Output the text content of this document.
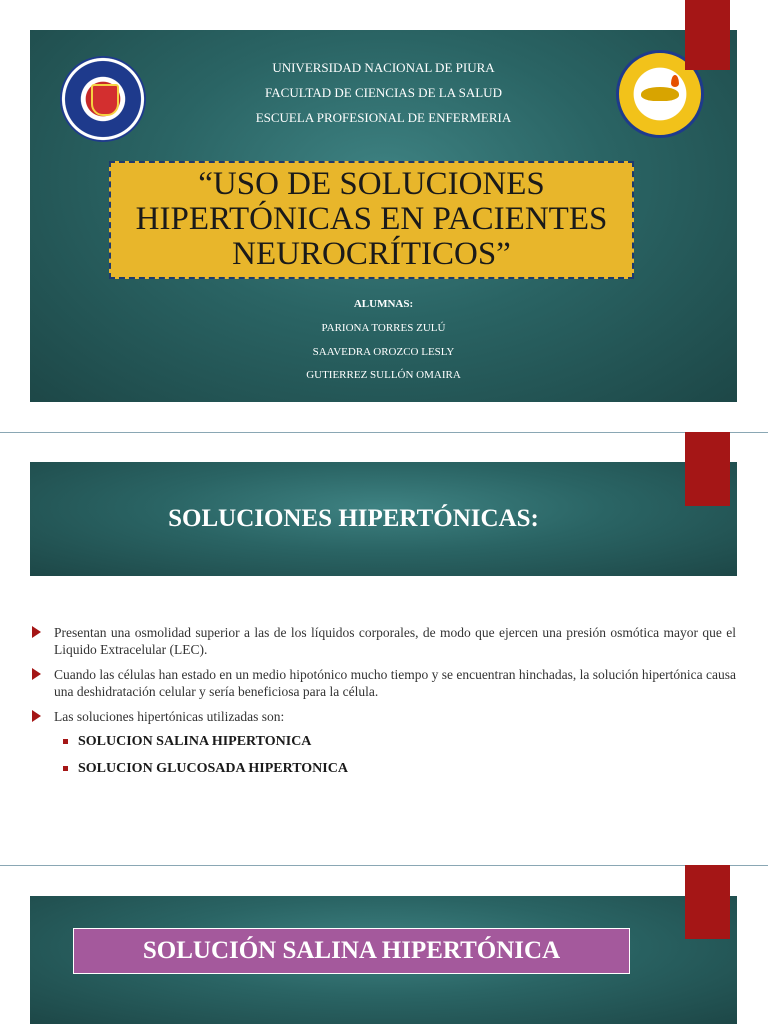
UNIVERSIDAD NACIONAL DE PIURA
FACULTAD DE CIENCIAS DE LA SALUD
ESCUELA PROFESIONAL DE ENFERMERIA
“USO DE SOLUCIONES
HIPERTÓNICAS EN PACIENTES
NEUROCRÍTICOS”
ALUMNAS:
PARIONA TORRES ZULÚ
SAAVEDRA OROZCO LESLY
GUTIERREZ SULLÓN OMAIRA
SOLUCIONES HIPERTÓNICAS:
Presentan una osmolidad superior a las de los líquidos corporales, de modo que ejercen una presión osmótica mayor que el Liquido Extracelular (LEC).
Cuando las células han estado en un medio hipotónico mucho tiempo y se encuentran hinchadas, la solución hipertónica causa una deshidratación celular y sería beneficiosa para la célula.
Las soluciones hipertónicas utilizadas son:
SOLUCION SALINA HIPERTONICA
SOLUCION GLUCOSADA HIPERTONICA
SOLUCIÓN SALINA HIPERTÓNICA
